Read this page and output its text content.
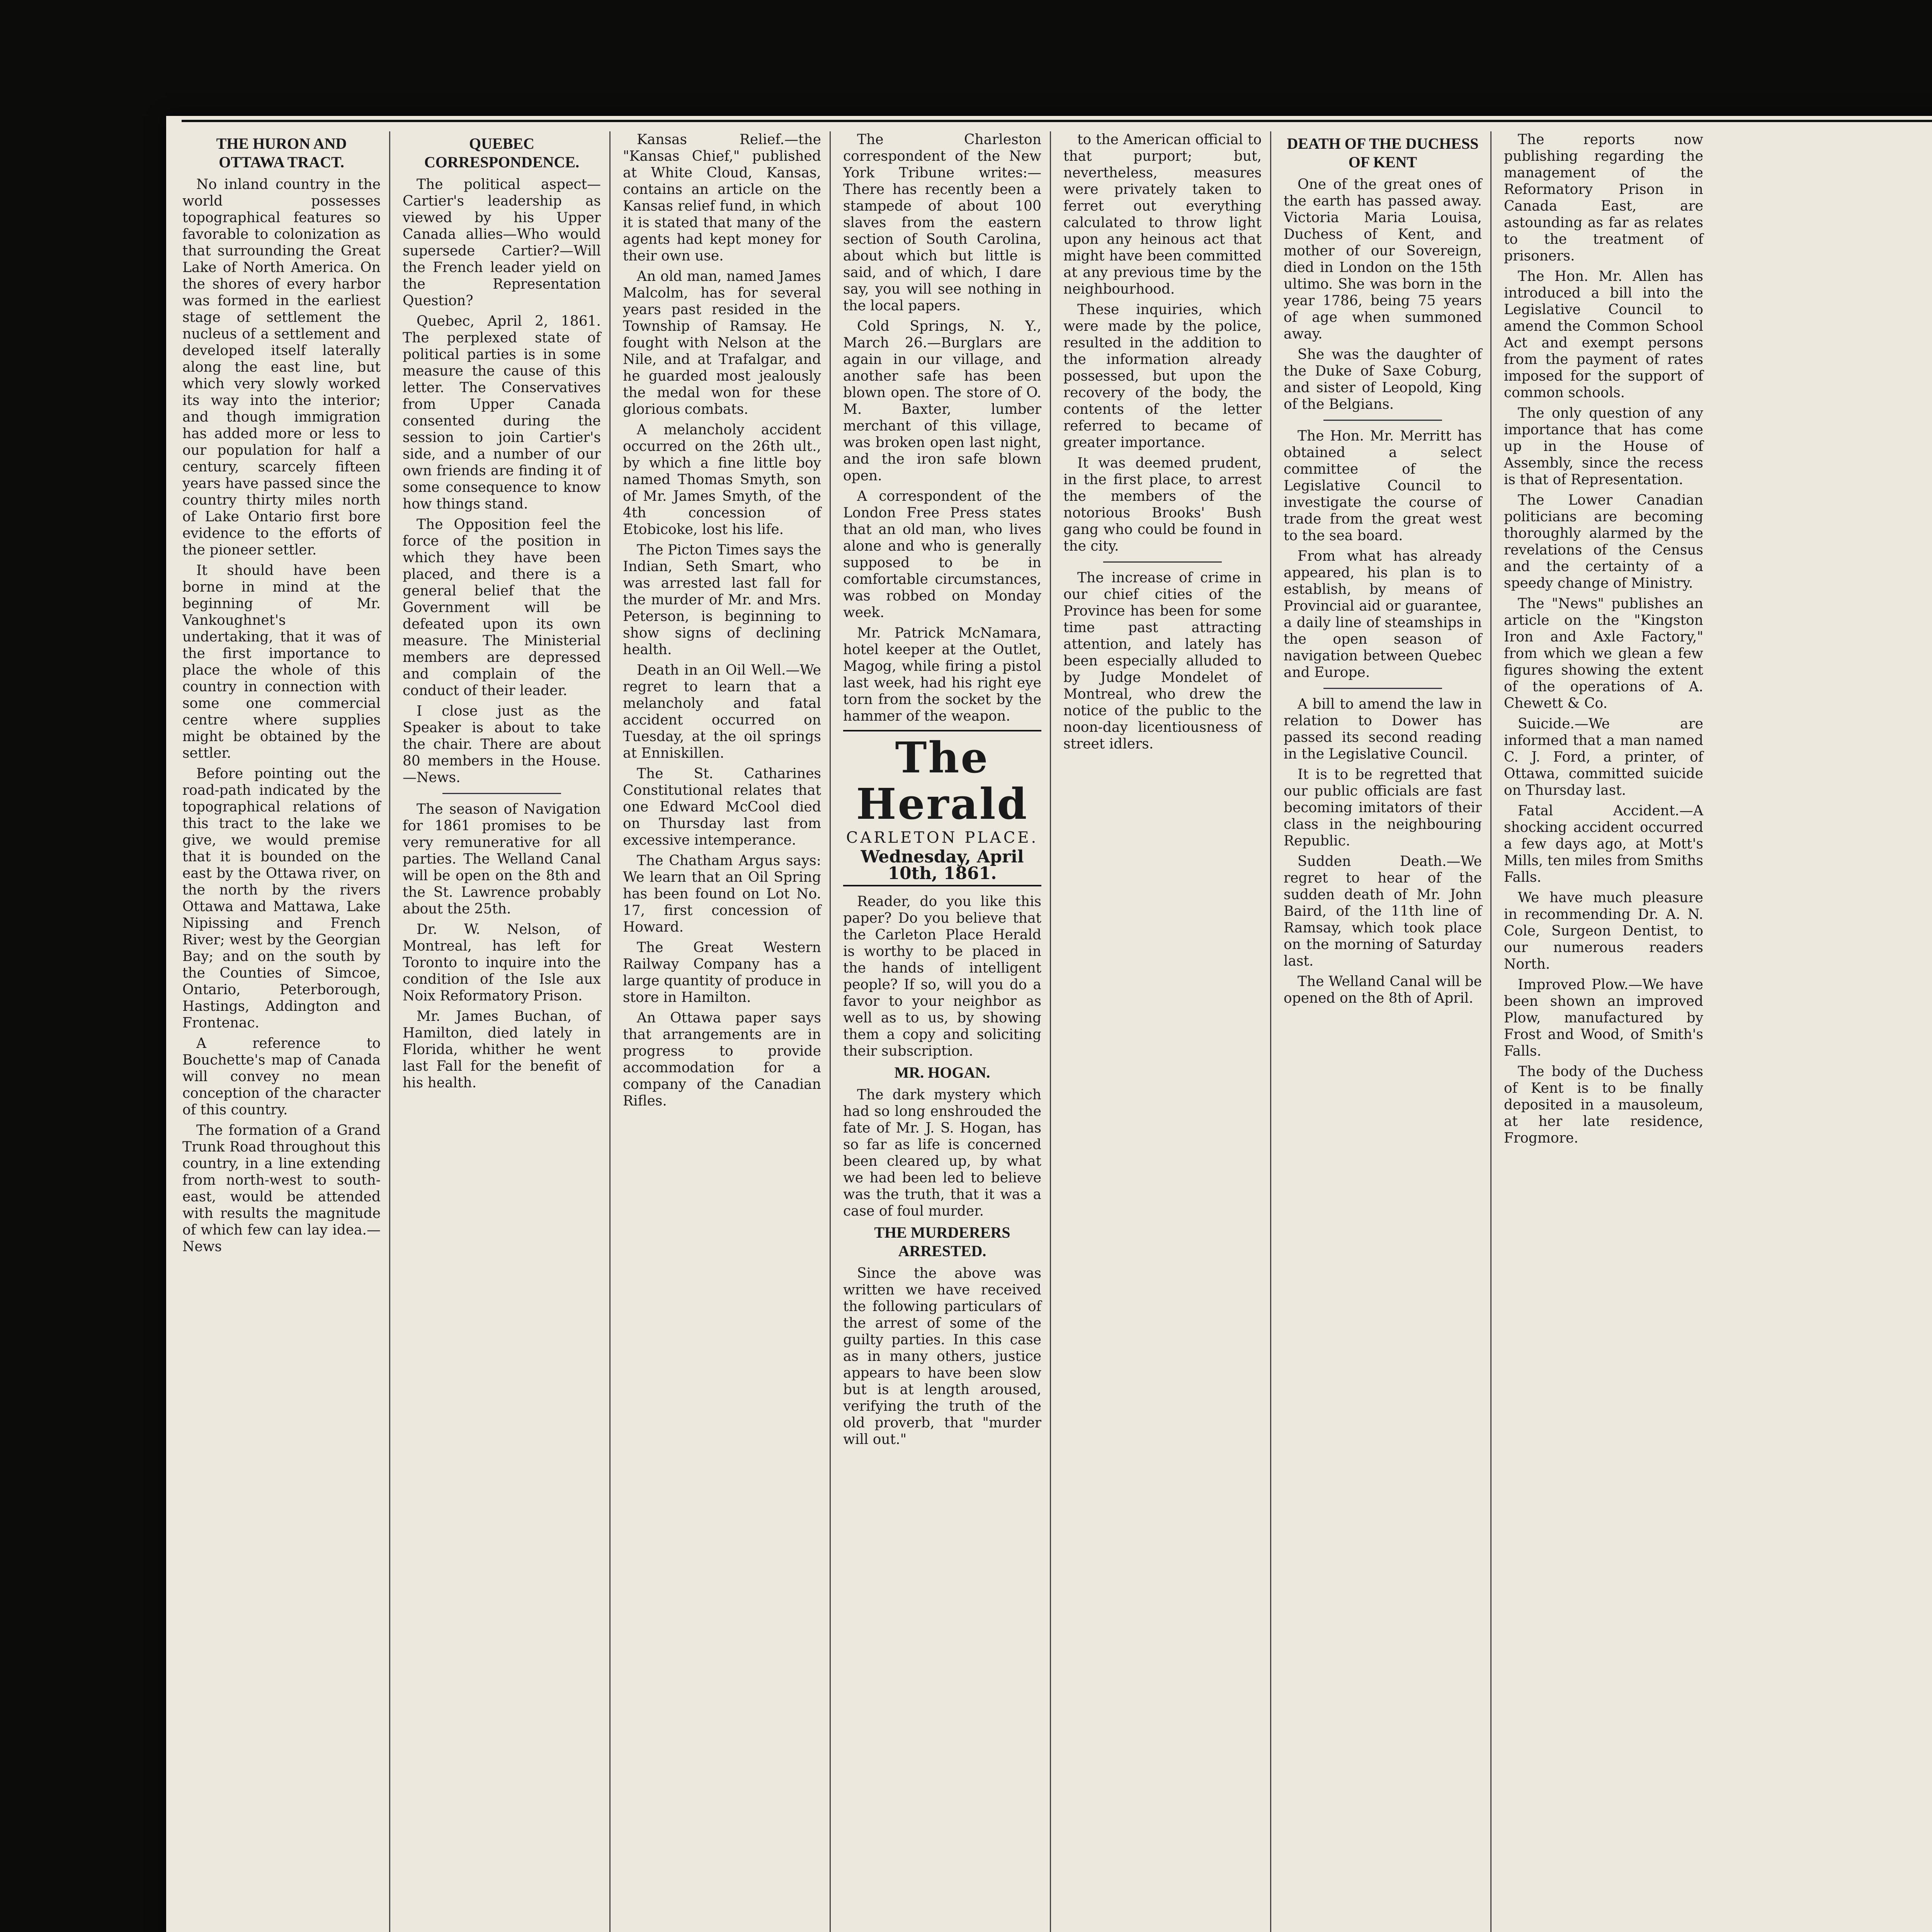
THE HURON AND OTTAWA TRACT.

No inland country in the world possesses topographical features so favorable to colonization as that surrounding the Great Lake of North America. On the shores of every harbor was formed in the earliest stage of settlement the nucleus of a settlement and developed itself laterally along the east line, but which very slowly worked its way into the interior; and though immigration has added more or less to our population for half a century, scarcely fifteen years have passed since the country thirty miles north of Lake Ontario first bore evidence to the efforts of the pioneer settler.

It should have been borne in mind at the beginning of Mr. Vankoughnet's undertaking, that it was of the first importance to place the whole of this country in connection with some one commercial centre where supplies might be obtained by the settler.

Before pointing out the road-path indicated by the topographical relations of this tract to the lake we give, we would premise that it is bounded on the east by the Ottawa river, on the north by the rivers Ottawa and Mattawa, Lake Nipissing and French River; west by the Georgian Bay; and on the south by the Counties of Simcoe, Ontario, Peterborough, Hastings, Addington and Frontenac.

A reference to Bouchette's map of Canada will convey no mean conception of the character of this country.

The formation of a Grand Trunk Road throughout this country, in a line extending from north-west to south-east, would be attended with results the magnitude of which few can lay idea.—News

QUEBEC CORRESPONDENCE.

The political aspect—Cartier's leadership as viewed by his Upper Canada allies—Who would supersede Cartier?—Will the French leader yield on the Representation Question?

Quebec, April 2, 1861. The perplexed state of political parties is in some measure the cause of this letter. The Conservatives from Upper Canada consented during the session to join Cartier's side, and a number of our own friends are finding it of some consequence to know how things stand.

The Opposition feel the force of the position in which they have been placed, and there is a general belief that the Government will be defeated upon its own measure. The Ministerial members are depressed and complain of the conduct of their leader.

I close just as the Speaker is about to take the chair. There are about 80 members in the House.—News.

The season of Navigation for 1861 promises to be very remunerative for all parties. The Welland Canal will be open on the 8th and the St. Lawrence probably about the 25th.

Dr. W. Nelson, of Montreal, has left for Toronto to inquire into the condition of the Isle aux Noix Reformatory Prison.

Mr. James Buchan, of Hamilton, died lately in Florida, whither he went last Fall for the benefit of his health.

Kansas Relief.—the "Kansas Chief," published at White Cloud, Kansas, contains an article on the Kansas relief fund, in which it is stated that many of the agents had kept money for their own use.

An old man, named James Malcolm, has for several years past resided in the Township of Ramsay. He fought with Nelson at the Nile, and at Trafalgar, and he guarded most jealously the medal won for these glorious combats.

A melancholy accident occurred on the 26th ult., by which a fine little boy named Thomas Smyth, son of Mr. James Smyth, of the 4th concession of Etobicoke, lost his life.

The Picton Times says the Indian, Seth Smart, who was arrested last fall for the murder of Mr. and Mrs. Peterson, is beginning to show signs of declining health.

Death in an Oil Well.—We regret to learn that a melancholy and fatal accident occurred on Tuesday, at the oil springs at Enniskillen.

The St. Catharines Constitutional relates that one Edward McCool died on Thursday last from excessive intemperance.

The Chatham Argus says: We learn that an Oil Spring has been found on Lot No. 17, first concession of Howard.

The Great Western Railway Company has a large quantity of produce in store in Hamilton.

An Ottawa paper says that arrangements are in progress to provide accommodation for a company of the Canadian Rifles.

The Charleston correspondent of the New York Tribune writes:—There has recently been a stampede of about 100 slaves from the eastern section of South Carolina, about which but little is said, and of which, I dare say, you will see nothing in the local papers.

Cold Springs, N. Y., March 26.—Burglars are again in our village, and another safe has been blown open. The store of O. M. Baxter, lumber merchant of this village, was broken open last night, and the iron safe blown open.

A correspondent of the London Free Press states that an old man, who lives alone and who is generally supposed to be in comfortable circumstances, was robbed on Monday week.

Mr. Patrick McNamara, hotel keeper at the Outlet, Magog, while firing a pistol last week, had his right eye torn from the socket by the hammer of the weapon.

The Herald
CARLETON PLACE.
Wednesday, April 10th, 1861.

Reader, do you like this paper? Do you believe that the Carleton Place Herald is worthy to be placed in the hands of intelligent people? If so, will you do a favor to your neighbor as well as to us, by showing them a copy and soliciting their subscription.

MR. HOGAN.

The dark mystery which had so long enshrouded the fate of Mr. J. S. Hogan, has so far as life is concerned been cleared up, by what we had been led to believe was the truth, that it was a case of foul murder.

THE MURDERERS ARRESTED.

Since the above was written we have received the following particulars of the arrest of some of the guilty parties. In this case as in many others, justice appears to have been slow but is at length aroused, verifying the truth of the old proverb, that "murder will out."

to the American official to that purport; but, nevertheless, measures were privately taken to ferret out everything calculated to throw light upon any heinous act that might have been committed at any previous time by the neighbourhood.

These inquiries, which were made by the police, resulted in the addition to the information already possessed, but upon the recovery of the body, the contents of the letter referred to became of greater importance.

It was deemed prudent, in the first place, to arrest the members of the notorious Brooks' Bush gang who could be found in the city.

The increase of crime in our chief cities of the Province has been for some time past attracting attention, and lately has been especially alluded to by Judge Mondelet of Montreal, who drew the notice of the public to the noon-day licentiousness of street idlers.

DEATH OF THE DUCHESS OF KENT

One of the great ones of the earth has passed away. Victoria Maria Louisa, Duchess of Kent, and mother of our Sovereign, died in London on the 15th ultimo. She was born in the year 1786, being 75 years of age when summoned away.

She was the daughter of the Duke of Saxe Coburg, and sister of Leopold, King of the Belgians.

The Hon. Mr. Merritt has obtained a select committee of the Legislative Council to investigate the course of trade from the great west to the sea board.

From what has already appeared, his plan is to establish, by means of Provincial aid or guarantee, a daily line of steamships in the open season of navigation between Quebec and Europe.

A bill to amend the law in relation to Dower has passed its second reading in the Legislative Council.

It is to be regretted that our public officials are fast becoming imitators of their class in the neighbouring Republic.

Sudden Death.—We regret to hear of the sudden death of Mr. John Baird, of the 11th line of Ramsay, which took place on the morning of Saturday last.

The Welland Canal will be opened on the 8th of April.

The reports now publishing regarding the management of the Reformatory Prison in Canada East, are astounding as far as relates to the treatment of prisoners.

The Hon. Mr. Allen has introduced a bill into the Legislative Council to amend the Common School Act and exempt persons from the payment of rates imposed for the support of common schools.

The only question of any importance that has come up in the House of Assembly, since the recess is that of Representation.

The Lower Canadian politicians are becoming thoroughly alarmed by the revelations of the Census and the certainty of a speedy change of Ministry.

The "News" publishes an article on the "Kingston Iron and Axle Factory," from which we glean a few figures showing the extent of the operations of A. Chewett & Co.

Suicide.—We are informed that a man named C. J. Ford, a printer, of Ottawa, committed suicide on Thursday last.

Fatal Accident.—A shocking accident occurred a few days ago, at Mott's Mills, ten miles from Smiths Falls.

We have much pleasure in recommending Dr. A. N. Cole, Surgeon Dentist, to our numerous readers North.

Improved Plow.—We have been shown an improved Plow, manufactured by Frost and Wood, of Smith's Falls.

The body of the Duchess of Kent is to be finally deposited in a mausoleum, at her late residence, Frogmore.
